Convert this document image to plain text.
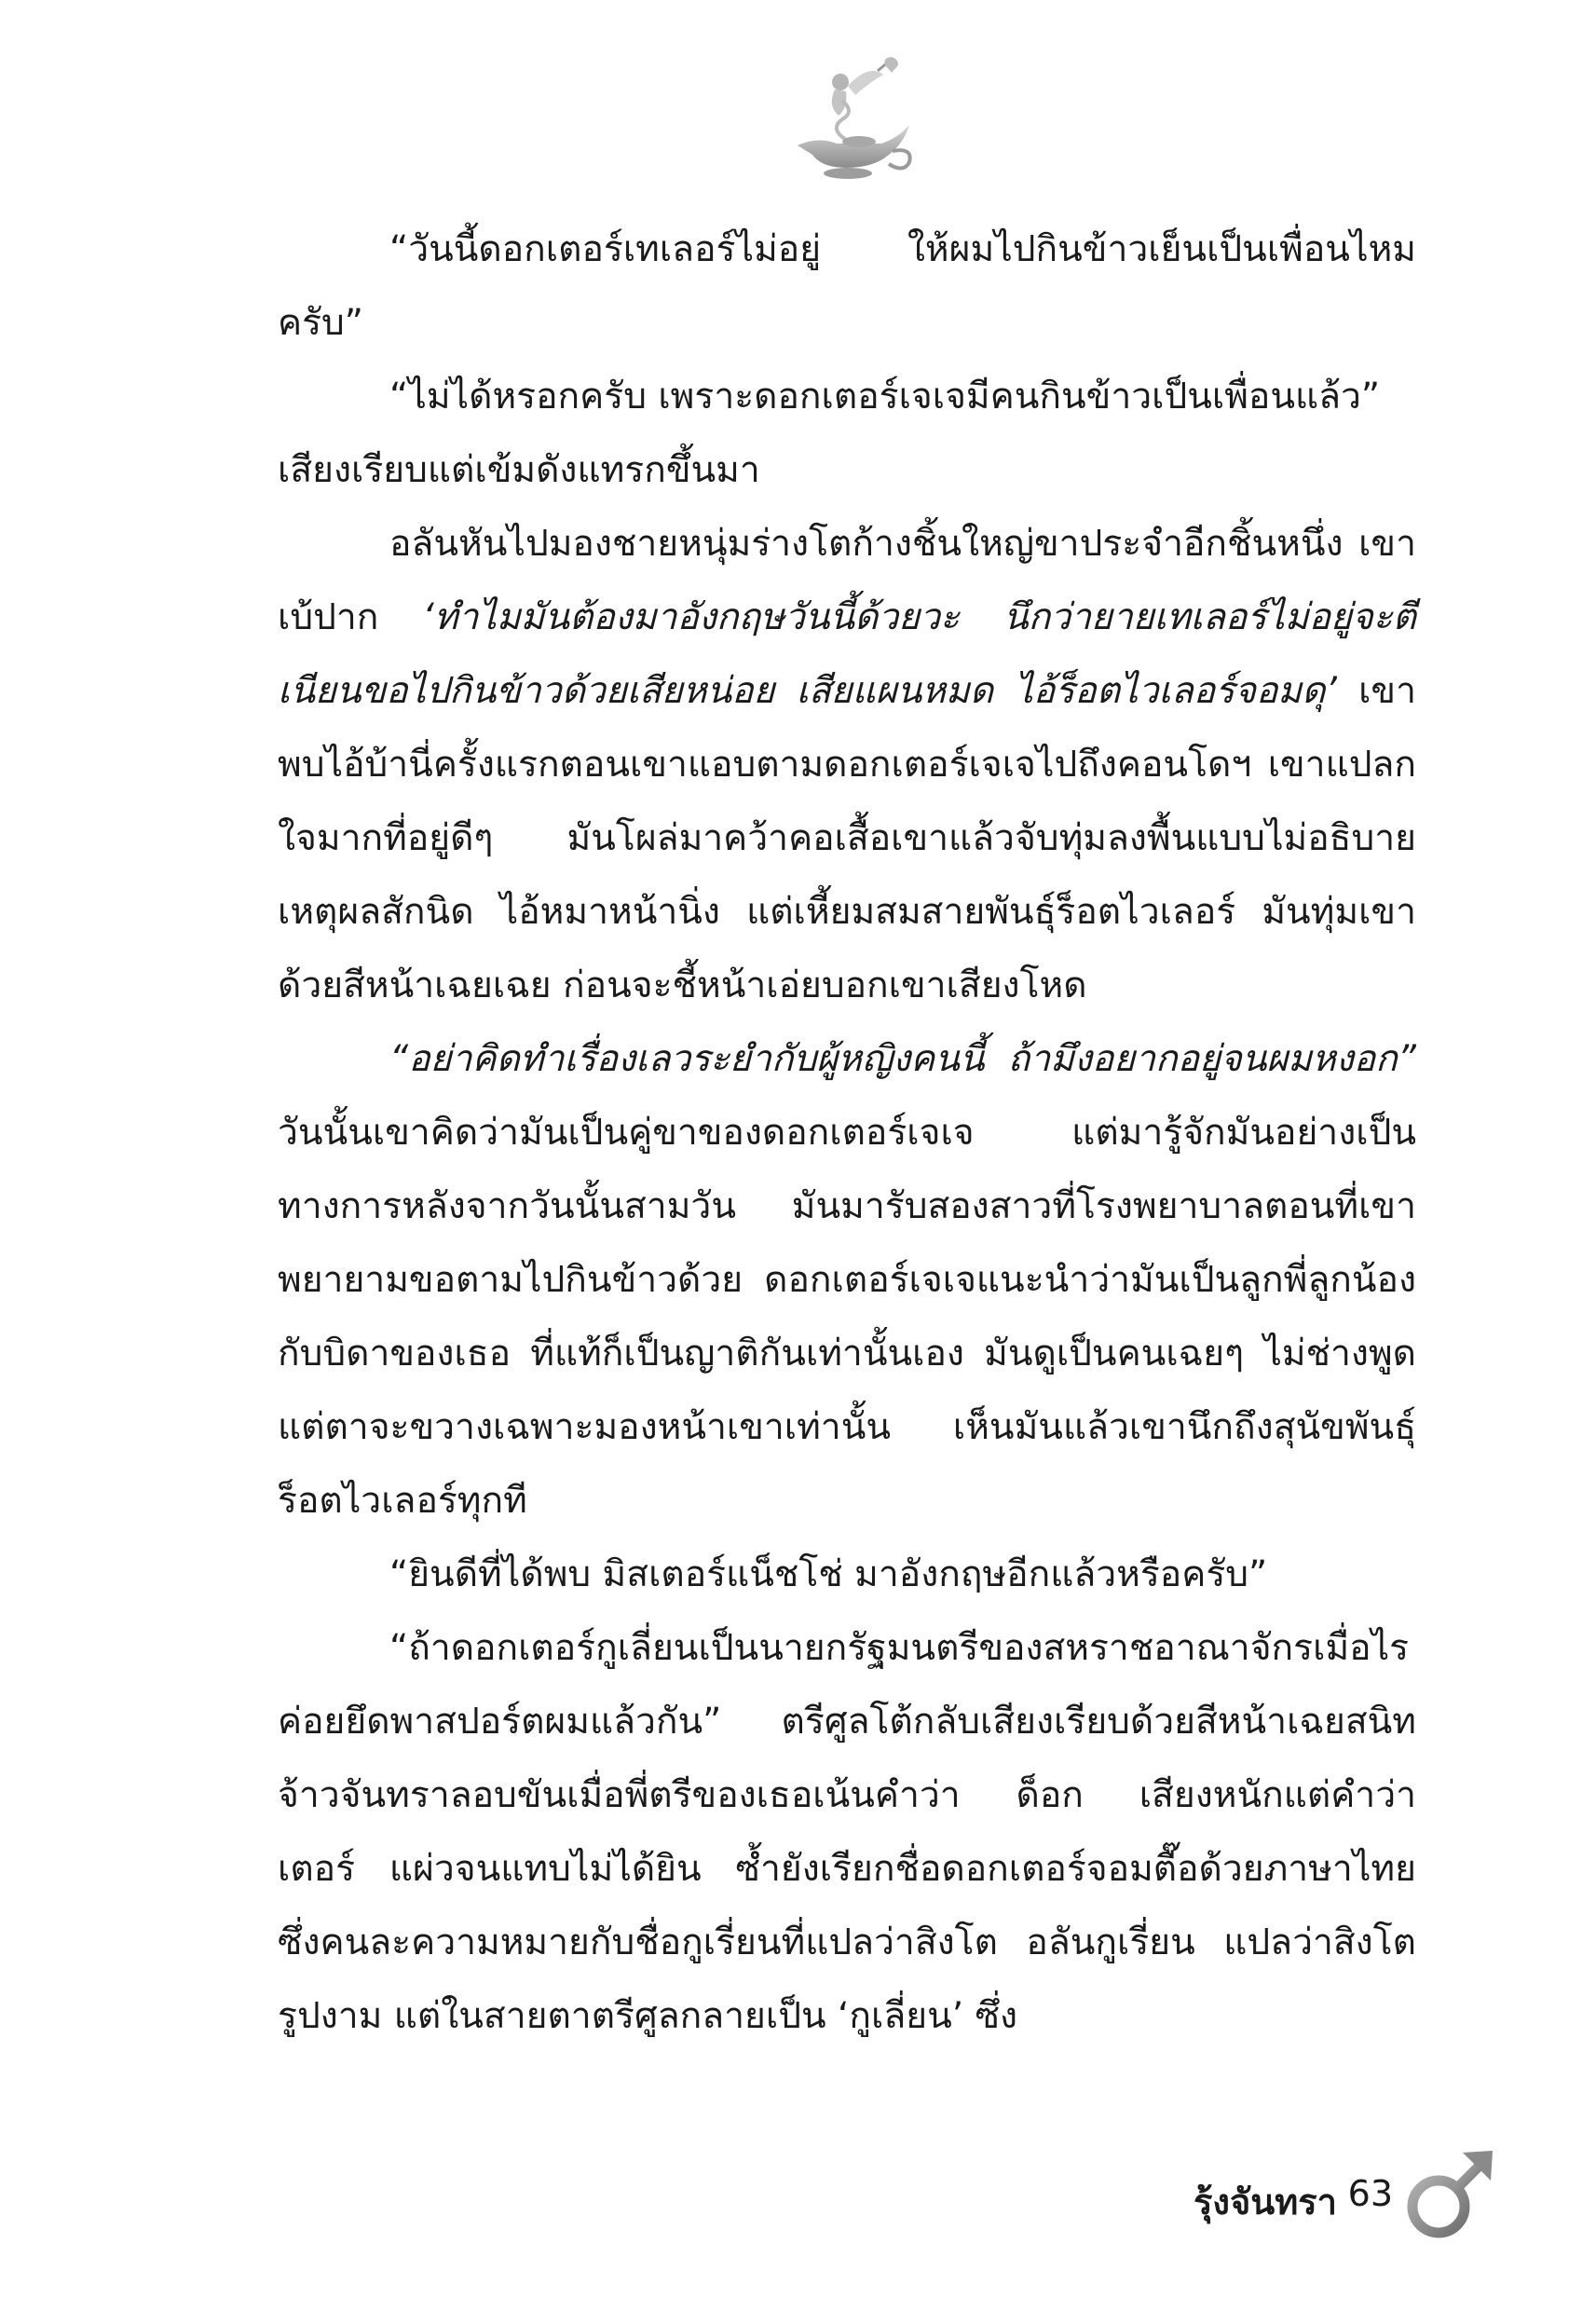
“วันนี้ดอกเตอร์เทเลอร์ไม่อยู่ ให้ผมไปกินข้าวเย็นเป็นเพื่อนไหมครับ”

“ไม่ได้หรอกครับ เพราะดอกเตอร์เจเจมีคนกินข้าวเป็นเพื่อนแล้ว”

เสียงเรียบแต่เข้มดังแทรกขึ้นมา

อลันหันไปมองชายหนุ่มร่างโตก้างชิ้นใหญ่ขาประจำอีกชิ้นหนึ่ง เขาเบ้ปาก ‘ทำไมมันต้องมาอังกฤษวันนี้ด้วยวะ นึกว่ายายเทเลอร์ไม่อยู่จะตีเนียนขอไปกินข้าวด้วยเสียหน่อย เสียแผนหมด ไอ้ร็อตไวเลอร์จอมดุ’ เขาพบไอ้บ้านี่ครั้งแรกตอนเขาแอบตามดอกเตอร์เจเจไปถึงคอนโดฯ เขาแปลกใจมากที่อยู่ดีๆ มันโผล่มาคว้าคอเสื้อเขาแล้วจับทุ่มลงพื้นแบบไม่อธิบายเหตุผลสักนิด ไอ้หมาหน้านิ่ง แต่เหี้ยมสมสายพันธุ์ร็อตไวเลอร์ มันทุ่มเขาด้วยสีหน้าเฉยเฉย ก่อนจะชี้หน้าเอ่ยบอกเขาเสียงโหด

“อย่าคิดทำเรื่องเลวระยำกับผู้หญิงคนนี้ ถ้ามึงอยากอยู่จนผมหงอก” วันนั้นเขาคิดว่ามันเป็นคู่ขาของดอกเตอร์เจเจ แต่มารู้จักมันอย่างเป็นทางการหลังจากวันนั้นสามวัน มันมารับสองสาวที่โรงพยาบาลตอนที่เขาพยายามขอตามไปกินข้าวด้วย ดอกเตอร์เจเจแนะนำว่ามันเป็นลูกพี่ลูกน้องกับบิดาของเธอ ที่แท้ก็เป็นญาติกันเท่านั้นเอง มันดูเป็นคนเฉยๆ ไม่ช่างพูด แต่ตาจะขวางเฉพาะมองหน้าเขาเท่านั้น เห็นมันแล้วเขานึกถึงสุนัขพันธุ์ร็อตไวเลอร์ทุกที

“ยินดีที่ได้พบ มิสเตอร์แน็ชโช่ มาอังกฤษอีกแล้วหรือครับ”

“ถ้าดอกเตอร์กูเลี่ยนเป็นนายกรัฐมนตรีของสหราชอาณาจักรเมื่อไรค่อยยึดพาสปอร์ตผมแล้วกัน” ตรีศูลโต้กลับเสียงเรียบด้วยสีหน้าเฉยสนิท จ้าวจันทราลอบขันเมื่อพี่ตรีของเธอเน้นคำว่า ด็อก เสียงหนักแต่คำว่า เตอร์ แผ่วจนแทบไม่ได้ยิน ซ้ำยังเรียกชื่อดอกเตอร์จอมตื๊อด้วยภาษาไทย ซึ่งคนละความหมายกับชื่อกูเรี่ยนที่แปลว่าสิงโต อลันกูเรี่ยน แปลว่าสิงโตรูปงาม แต่ในสายตาตรีศูลกลายเป็น ‘กูเลี่ยน’ ซึ่ง

รุ้งจันทรา 63
